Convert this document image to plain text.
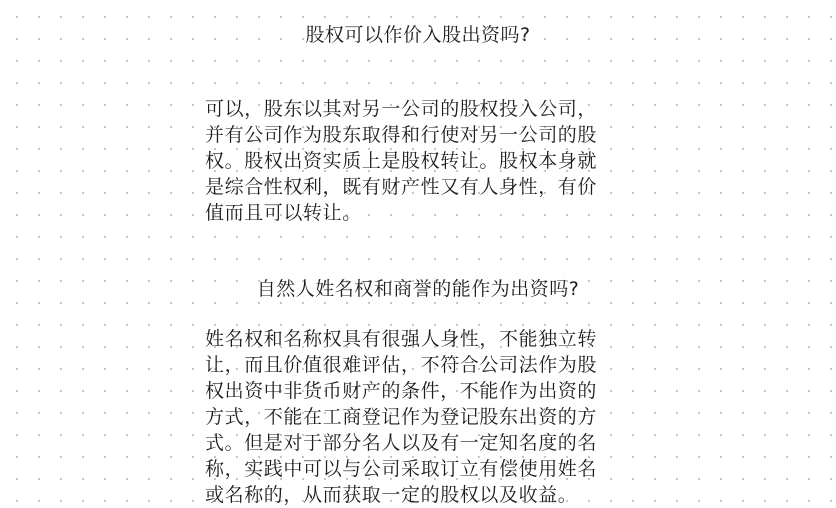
股权可以作价入股出资吗?
可以，股东以其对另一公司的股权投入公司，
并有公司作为股东取得和行使对另一公司的股
权。股权出资实质上是股权转让。股权本身就
是综合性权利，既有财产性又有人身性，有价
值而且可以转让。
自然人姓名权和商誉的能作为出资吗?
姓名权和名称权具有很强人身性，不能独立转
让，而且价值很难评估，不符合公司法作为股
权出资中非货币财产的条件，不能作为出资的
方式，不能在工商登记作为登记股东出资的方
式。但是对于部分名人以及有一定知名度的名
称，实践中可以与公司采取订立有偿使用姓名
或名称的，从而获取一定的股权以及收益。
